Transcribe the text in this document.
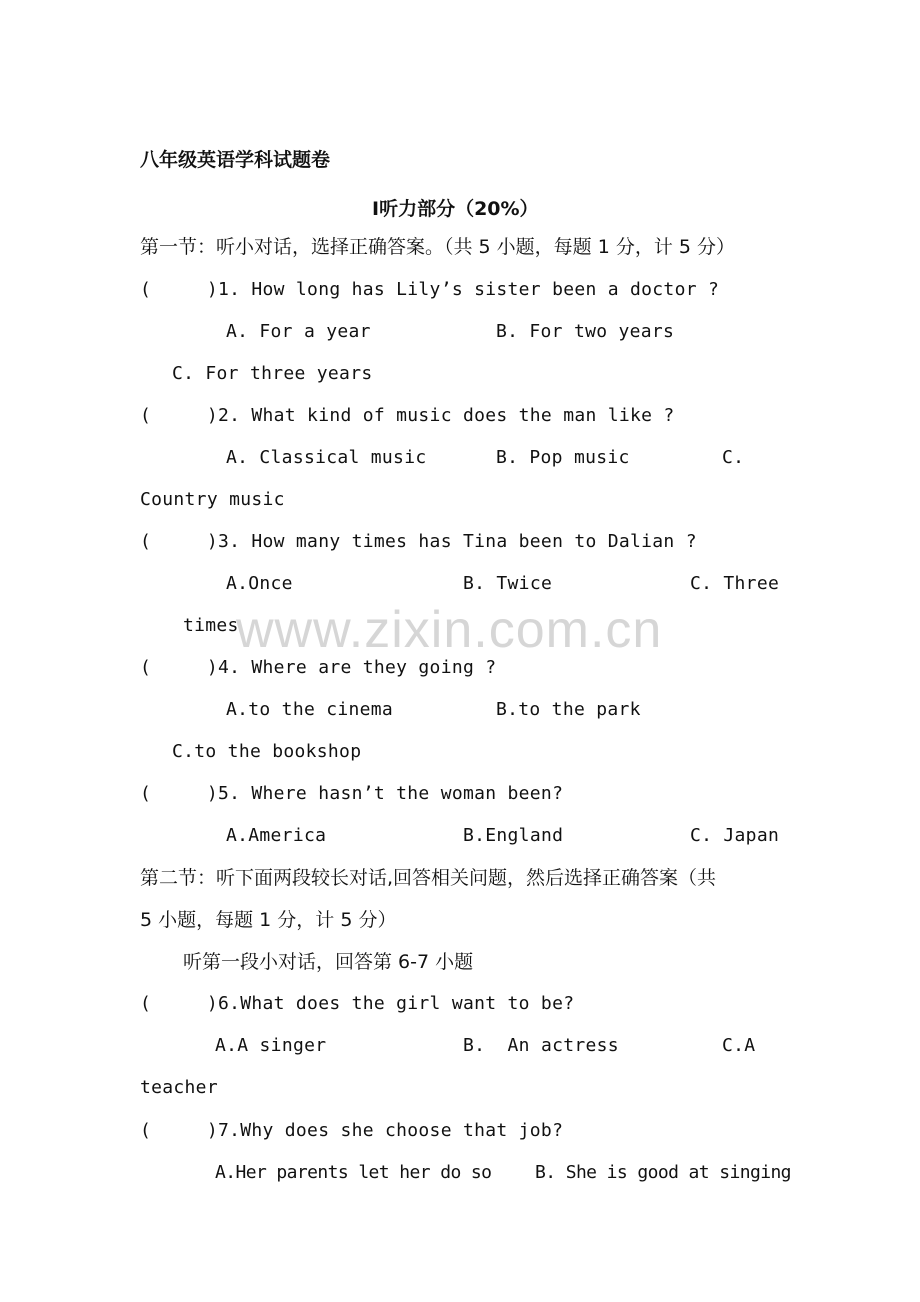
八年级英语学科试题卷
Ⅰ听力部分（20%）
第一节：听小对话，选择正确答案。（共 5 小题，每题 1 分，计 5 分）
(     )1. How long has Lily’s sister been a doctor ?
A. For a year	B. For two years
C. For three years
(     )2. What kind of music does the man like ?
A. Classical music	B. Pop music	C.
Country music
(     )3. How many times has Tina been to Dalian ?
A.Once	B. Twice	C. Three
times
www.zixin.com.cn
(     )4. Where are they going ?
A.to the cinema	B.to the park
C.to the bookshop
(     )5. Where hasn’t the woman been?
A.America	B.England	C. Japan
第二节：听下面两段较长对话,回答相关问题，然后选择正确答案（共
5 小题，每题 1 分，计 5 分）
听第一段小对话，回答第 6-7 小题
(     )6.What does the girl want to be?
A.A singer	B.  An actress	C.A
teacher
(     )7.Why does she choose that job?
A.Her parents let her do so B. She is good at singing
